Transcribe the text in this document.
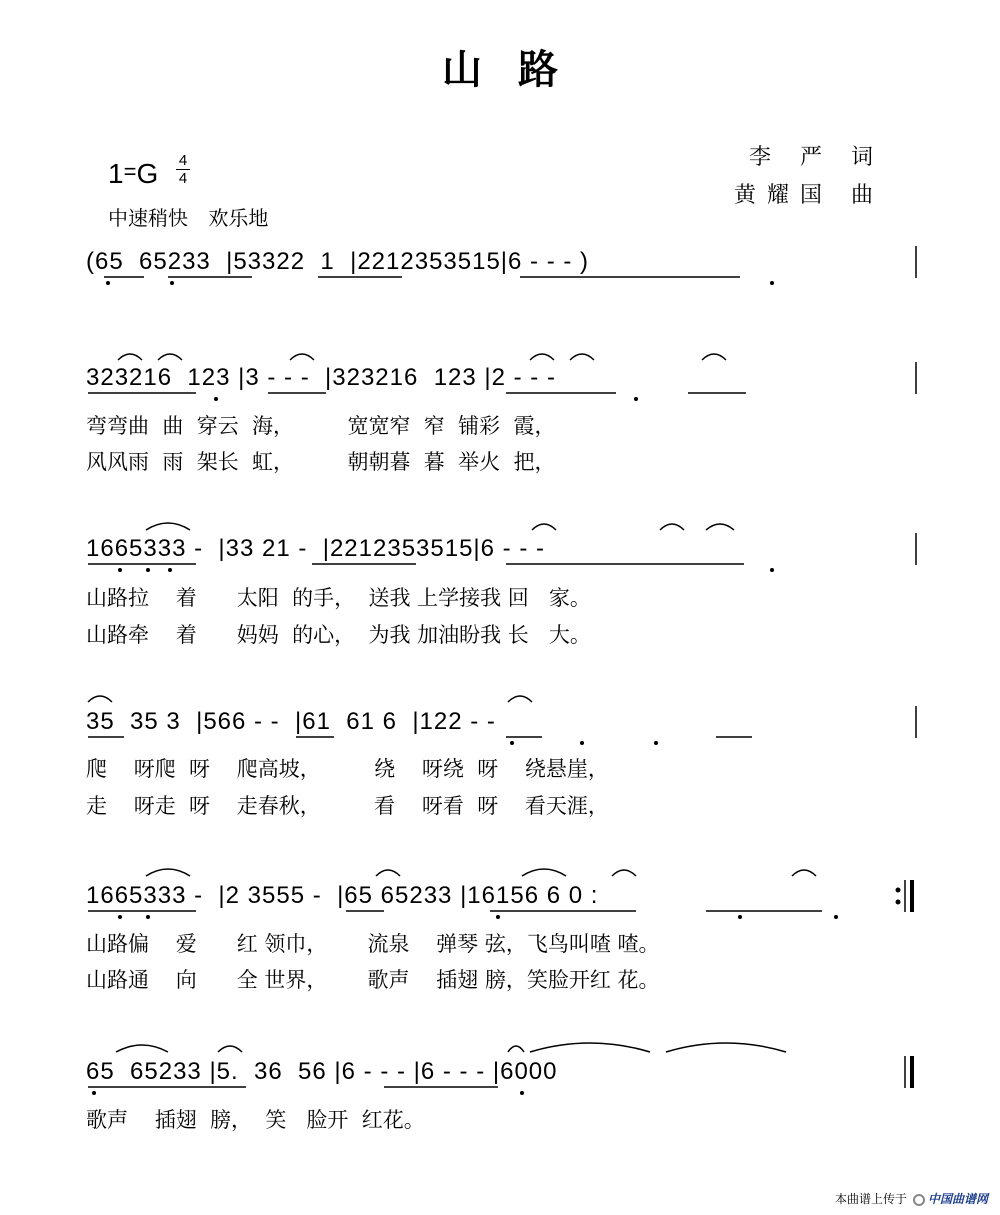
山路
$1=G \frac{4}{4}$
中速稍快 欢乐地
李 严 词
黄耀国 曲
(65  65233  |53322  1  |2212353515|6 - - - )
323216  123 |3 - - -  |323216  123 |2 - - -
弯弯曲  曲  穿云  海，        宽宽窄  窄  铺彩  霞，
风风雨  雨  架长  虹，        朝朝暮  暮  举火  把，
1665333 -  |33 21 -  |2212353515|6 - - -
山路拉    着      太阳  的手，  送我 上学接我 回   家。
山路牵    着      妈妈  的心，  为我 加油盼我 长   大。
35  35 3  |566 - -  |61  61 6  |122 - -
爬    呀爬  呀    爬高坡，        绕    呀绕  呀    绕悬崖，
走    呀走  呀    走春秋，        看    呀看  呀    看天涯，
1665333 -  |2 3555 -  |65 65233 |16156 6 0 :
山路偏    爱      红 领巾，      流泉    弹琴 弦，飞鸟叫喳 喳。
山路通    向      全 世界，      歌声    插翅 膀，笑脸开红 花。
65  65233 |5.  36  56 |6 - - - |6 - - - |6000
歌声    插翅  膀，  笑   脸开  红花。
本曲谱上传于 中国曲谱网
